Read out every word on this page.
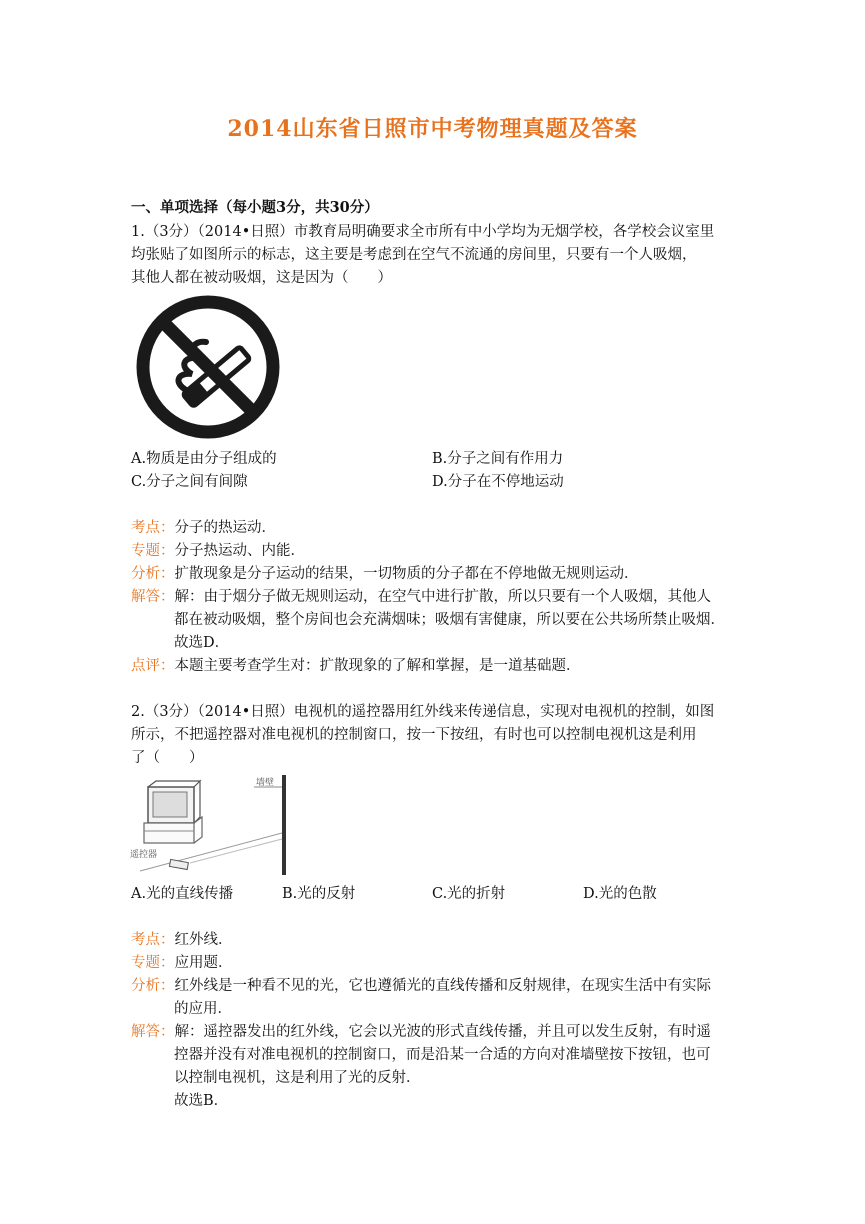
2014山东省日照市中考物理真题及答案
一、单项选择（每小题3分，共30分）
1.（3分）（2014•日照）市教育局明确要求全市所有中小学均为无烟学校，各学校会议室里
均张贴了如图所示的标志，这主要是考虑到在空气不流通的房间里，只要有一个人吸烟，
其他人都在被动吸烟，这是因为（　　）
A.物质是由分子组成的	B.分子之间有作用力
C.分子之间有间隙	D.分子在不停地运动
考点：分子的热运动．
专题：分子热运动、内能．
分析：扩散现象是分子运动的结果，一切物质的分子都在不停地做无规则运动．
解答：解：由于烟分子做无规则运动，在空气中进行扩散，所以只要有一个人吸烟，其他人
都在被动吸烟，整个房间也会充满烟味；吸烟有害健康，所以要在公共场所禁止吸烟．
故选D．
点评：本题主要考查学生对：扩散现象的了解和掌握，是一道基础题．
2.（3分）（2014•日照）电视机的遥控器用红外线来传递信息，实现对电视机的控制，如图
所示，不把遥控器对准电视机的控制窗口，按一下按纽，有时也可以控制电视机这是利用
了（　　）
墙壁
遥控器
A.光的直线传播	B.光的反射	C.光的折射	D.光的色散
考点：红外线．
专题：应用题．
分析：红外线是一种看不见的光，它也遵循光的直线传播和反射规律，在现实生活中有实际
的应用．
解答：解：遥控器发出的红外线，它会以光波的形式直线传播，并且可以发生反射，有时遥
控器并没有对准电视机的控制窗口，而是沿某一合适的方向对准墙壁按下按钮，也可
以控制电视机，这是利用了光的反射．
故选B．
